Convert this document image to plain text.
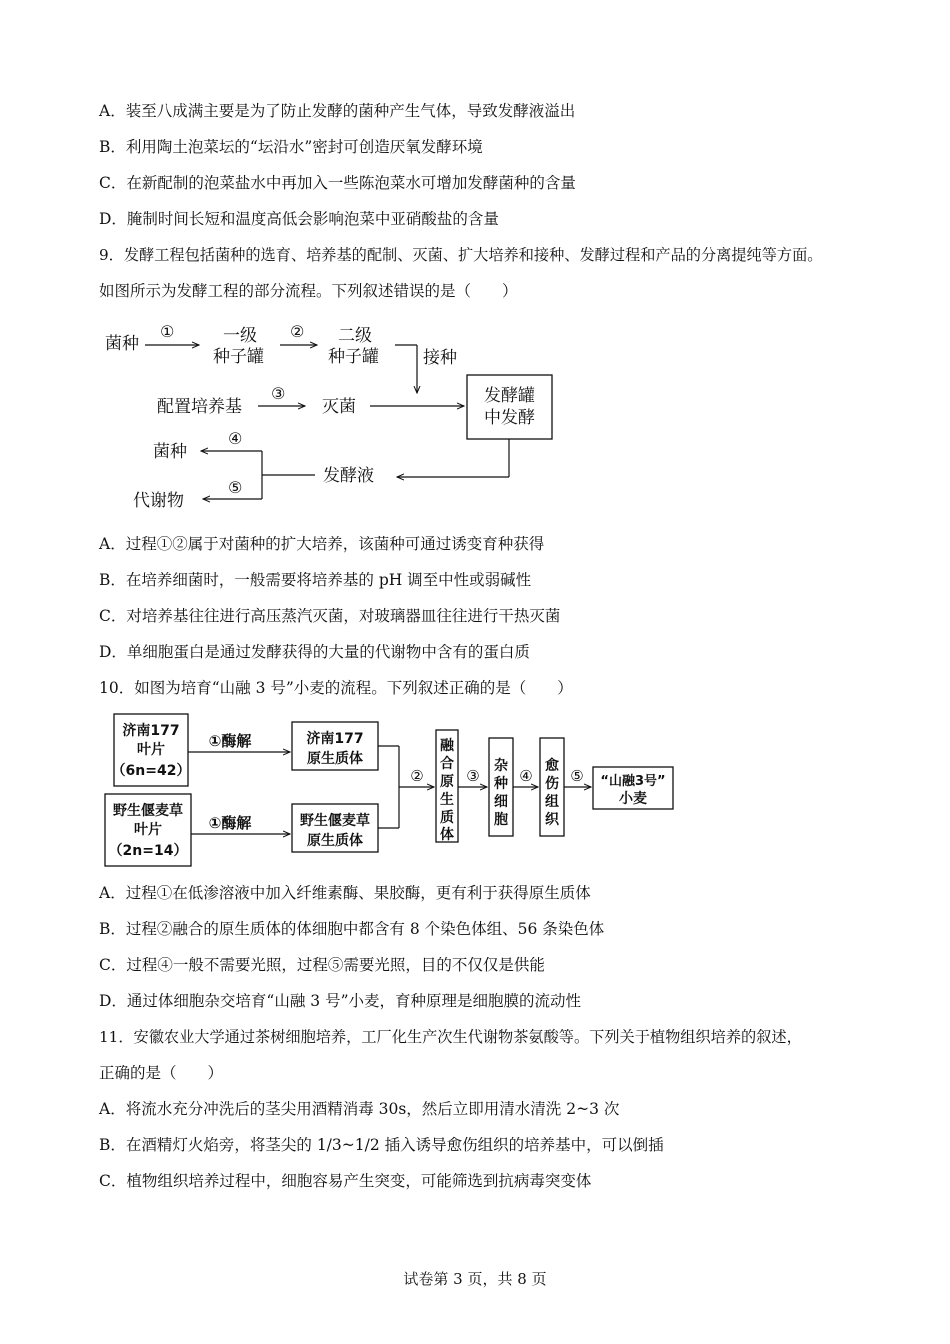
A．装至八成满主要是为了防止发酵的菌种产生气体，导致发酵液溢出
B．利用陶土泡菜坛的“坛沿水”密封可创造厌氧发酵环境
C．在新配制的泡菜盐水中再加入一些陈泡菜水可增加发酵菌种的含量
D．腌制时间长短和温度高低会影响泡菜中亚硝酸盐的含量
9．发酵工程包括菌种的选育、培养基的配制、灭菌、扩大培养和接种、发酵过程和产品的分离提纯等方面。
如图所示为发酵工程的部分流程。下列叙述错误的是（　　）
菌种
①	一级
种子罐
② 二级
种子罐	接种
发酵罐
中发酵
配置培养基
③
灭菌
发酵液
④
⑤
菌种
代谢物
A．过程①②属于对菌种的扩大培养，该菌种可通过诱变育种获得
B．在培养细菌时，一般需要将培养基的 pH 调至中性或弱碱性
C．对培养基往往进行高压蒸汽灭菌，对玻璃器皿往往进行干热灭菌
D．单细胞蛋白是通过发酵获得的大量的代谢物中含有的蛋白质
10．如图为培育“山融 3 号”小麦的流程。下列叙述正确的是（　　）
济南177
叶片
（6n=42）
①酶解	济南177
原生质体
野生偃麦草
叶片
（2n=14）
①酶解	野生偃麦草
原生质体
②
融
合
原
生
质
体
③
杂
种
细
胞
④
愈
伤
组
织
⑤ “山融3号”
小麦
A．过程①在低渗溶液中加入纤维素酶、果胶酶，更有利于获得原生质体
B．过程②融合的原生质体的体细胞中都含有 8 个染色体组、56 条染色体
C．过程④一般不需要光照，过程⑤需要光照，目的不仅仅是供能
D．通过体细胞杂交培育“山融 3 号”小麦，育种原理是细胞膜的流动性
11．安徽农业大学通过茶树细胞培养，工厂化生产次生代谢物茶氨酸等。下列关于植物组织培养的叙述，
正确的是（　　）
A．将流水充分冲洗后的茎尖用酒精消毒 30s，然后立即用清水清洗 2~3 次
B．在酒精灯火焰旁，将茎尖的 1/3~1/2 插入诱导愈伤组织的培养基中，可以倒插
C．植物组织培养过程中，细胞容易产生突变，可能筛选到抗病毒突变体
试卷第 3 页，共 8 页
